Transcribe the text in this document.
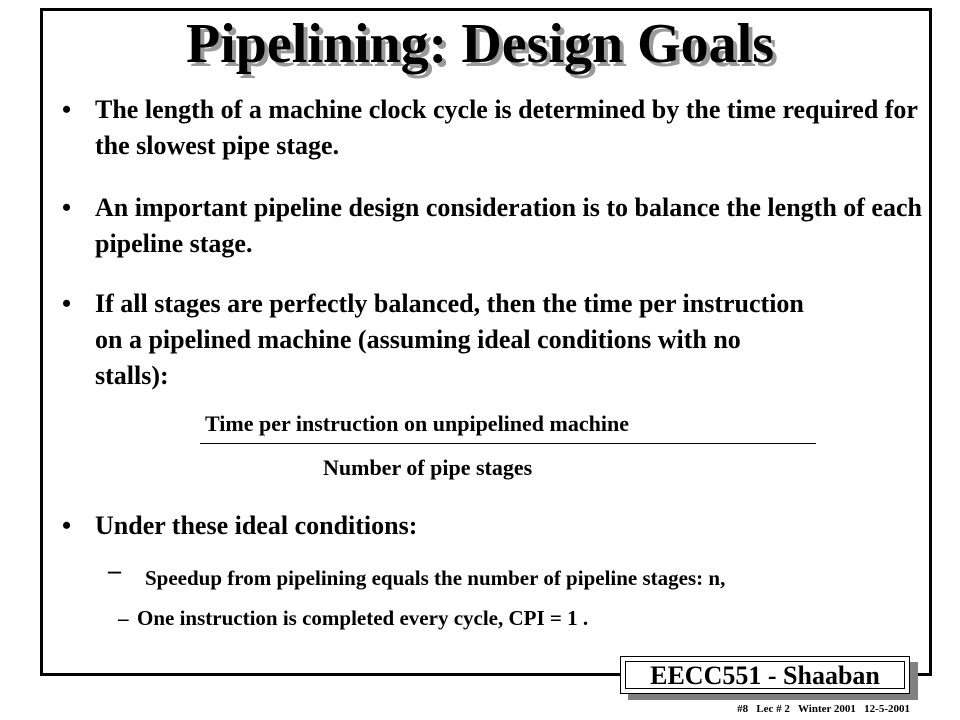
Pipelining: Design Goals
• The length of a machine clock cycle is determined by the time required for the slowest pipe stage.
• An important pipeline design consideration is to balance the length of each pipeline stage.
• If all stages are perfectly balanced, then the time per instruction on a pipelined machine (assuming ideal conditions with no stalls):
Time per instruction on unpipelined machine
Number of pipe stages
• Under these ideal conditions:
– Speedup from pipelining equals the number of pipeline stages: n,
– One instruction is completed every cycle, CPI = 1 .
EECC551 - Shaaban
#8   Lec # 2   Winter 2001   12-5-2001
